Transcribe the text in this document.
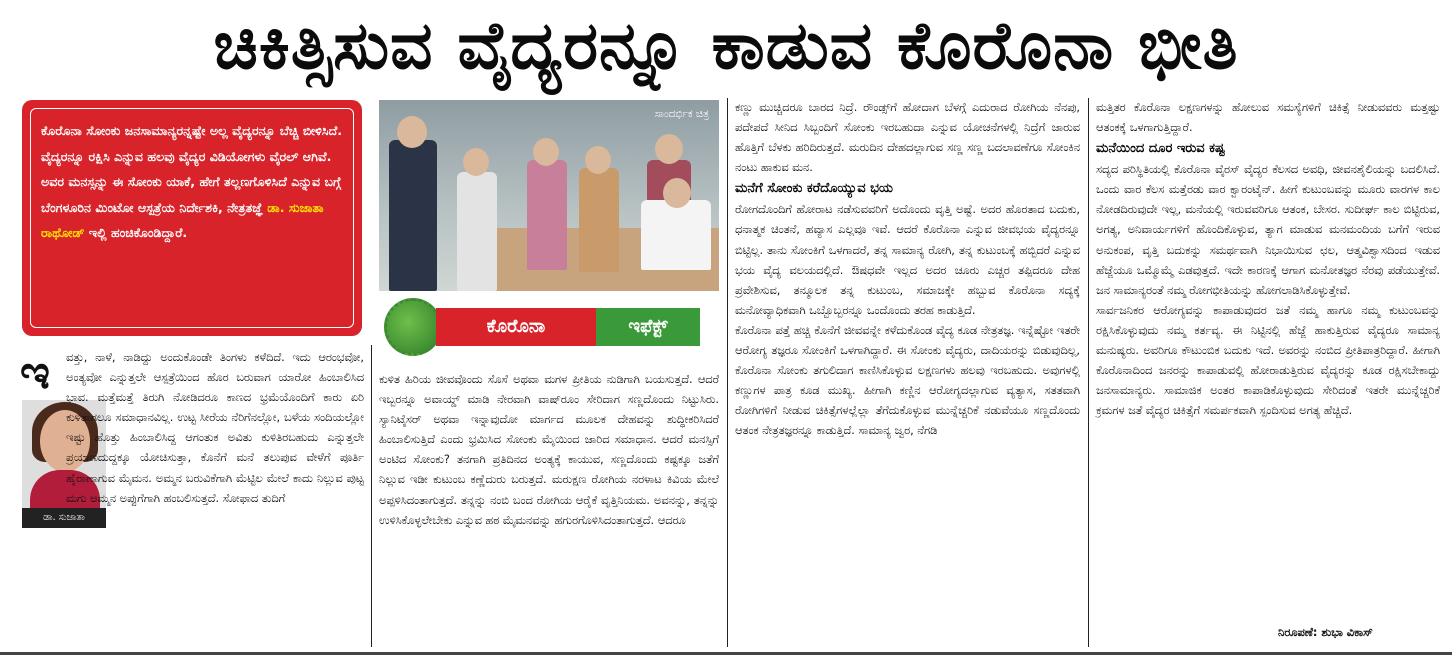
ಚಿಕಿತ್ಸಿಸುವ ವೈದ್ಯರನ್ನೂ ಕಾಡುವ ಕೊರೊನಾ ಭೀತಿ
ಕೊರೊನಾ ಸೋಂಕು ಜನಸಾಮಾನ್ಯರನ್ನಷ್ಟೇ ಅಲ್ಲ ವೈದ್ಯರನ್ನೂ ಬೆಚ್ಚಿ ಬೀಳಿಸಿದೆ. ವೈದ್ಯರನ್ನೂ ರಕ್ಷಿಸಿ ಎನ್ನುವ ಹಲವು ವೈದ್ಯರ ವಿಡಿಯೋಗಳು ವೈರಲ್ ಆಗಿವೆ. ಅವರ ಮನಸ್ಸನ್ನು ಈ ಸೋಂಕು ಯಾಕೆ, ಹೇಗೆ ತಲ್ಲಣಗೊಳಿಸಿದೆ ಎನ್ನುವ ಬಗ್ಗೆ ಬೆಂಗಳೂರಿನ ಮಿಂಟೋ ಆಸ್ಪತ್ರೆಯ ನಿರ್ದೇಶಕಿ, ನೇತ್ರತಜ್ಞೆ ಡಾ. ಸುಜಾತಾ ರಾಥೋಡ್ ಇಲ್ಲಿ ಹಂಚಿಕೊಂಡಿದ್ದಾರೆ.
ಸಾಂದರ್ಭಿಕ ಚಿತ್ರ
ಕೊರೊನಾ	ಇಫೆಕ್ಟ್
ಇ
ಡಾ. ಸುಜಾತಾ

ವತ್ತು, ನಾಳೆ, ನಾಡಿದ್ದು ಅಂದುಕೊಂಡೇ ತಿಂಗಳು ಕಳೆದಿದೆ. ಇದು ಆರಂಭವೋ, ಅಂತ್ಯವೋ ಎನ್ನುತ್ತಲೇ ಆಸ್ಪತ್ರೆಯಿಂದ ಹೊರ ಬರುವಾಗ ಯಾರೋ ಹಿಂಬಾಲಿಸಿದ ಭಾವ. ಮತ್ತೆಮತ್ತೆ ತಿರುಗಿ ನೋಡಿದರೂ ಕಾಣದ ಭ್ರಮೆಯೊಂದಿಗೆ ಕಾರು ಏರಿ ಕುಳಿತಾಗಲೂ ಸಮಾಧಾನವಿಲ್ಲ. ಉಟ್ಟ ಸೀರೆಯ ನೆರಿಗೆನಲ್ಲೋ, ಬಳೆಯ ಸಂದಿಯಲ್ಲೋ ಇಷ್ಟು ಹೊತ್ತು ಹಿಂಬಾಲಿಸಿದ್ದ ಆಗಂತುಕ ಅವಿತು ಕುಳಿತಿರಬಹುದು ಎನ್ನುತ್ತಲೇ ಪ್ರಯಾಣದುದ್ದಕ್ಕೂ ಯೋಚಿಸುತ್ತಾ, ಕೊನೆಗೆ ಮನೆ ತಲುಪುವ ವೇಳೆಗೆ ಪೂರ್ತಿ ಹೈರಾಣಾಗುವ ಮೈಮನ. ಅಮ್ಮನ ಬರುವಿಕೆಗಾಗಿ ಮೆಟ್ಟಿಲ ಮೇಲೆ ಕಾದು ನಿಲ್ಲುವ ಪುಟ್ಟ ಮಗು ಅಮ್ಮನ ಅಪ್ಪುಗೆಗಾಗಿ ಹಂಬಲಿಸುತ್ತದೆ. ಸೋಫಾದ ತುದಿಗೆ

ಕುಳಿತ ಹಿರಿಯ ಜೀವವೊಂದು ಸೊಸೆ ಅಥವಾ ಮಗಳ ಪ್ರೀತಿಯ ನುಡಿಗಾಗಿ ಬಯಸುತ್ತದೆ. ಆದರೆ ಇಬ್ಬರನ್ನೂ ಅವಾಯ್ಡ್ ಮಾಡಿ ನೇರವಾಗಿ ವಾಷ್‌ರೂಂ ಸೇರಿದಾಗ ಸಣ್ಣದೊಂದು ನಿಟ್ಟುಸಿರು. ಸ್ಯಾನಿಟೈಸರ್ ಅಥವಾ ಇನ್ನಾವುದೋ ಮಾರ್ಗದ ಮೂಲಕ ದೇಹವನ್ನು ಶುದ್ಧೀಕರಿಸಿದರೆ ಹಿಂಬಾಲಿಸುತ್ತಿದೆ ಎಂದು ಭ್ರಮಿಸಿದ ಸೋಂಕು ಮೈಯಿಂದ ಜಾರಿದ ಸಮಾಧಾನ. ಆದರೆ ಮನಸ್ಸಿಗೆ ಅಂಟಿದ ಸೋಂಕು? ತನಗಾಗಿ ಪ್ರತಿದಿನದ ಅಂತ್ಯಕ್ಕೆ ಕಾಯುವ, ಸಣ್ಣದೊಂದು ಕಷ್ಟಕ್ಕೂ ಜತೆಗೆ ನಿಲ್ಲುವ ಇಡೀ ಕುಟುಂಬ ಕಣ್ಣೆದುರು ಬರುತ್ತದೆ. ಮರುಕ್ಷಣ ರೋಗಿಯ ನರಳಾಟ ಕಿವಿಯ ಮೇಲೆ ಅಪ್ಪಳಿಸಿದಂತಾಗುತ್ತದೆ. ತನ್ನನ್ನು ನಂಬಿ ಬಂದ ರೋಗಿಯ ಆರೈಕೆ ವೃತ್ತಿನಿಯಮ. ಅವನನ್ನು, ತನ್ನನ್ನು ಉಳಿಸಿಕೊಳ್ಳಲೇಬೇಕು ಎನ್ನುವ ಹಠ ಮೈಮನವನ್ನು ಹಗುರಗೊಳಿಸಿದಂತಾಗುತ್ತದೆ. ಆದರೂ

ಕಣ್ಣು ಮುಚ್ಚಿದರೂ ಬಾರದ ನಿದ್ರೆ. ರೌಂಡ್ಸ್‌ಗೆ ಹೋದಾಗ ಬೆಳಗ್ಗೆ ಎದುರಾದ ರೋಗಿಯ ನೆನಪು, ಪದೇಪದೆ ಸೀನಿದ ಸಿಬ್ಬಂದಿಗೆ ಸೋಂಕು ಇರಬಹುದಾ ಎನ್ನುವ ಯೋಚನೆಗಳಲ್ಲಿ ನಿದ್ರೆಗೆ ಜಾರುವ ಹೊತ್ತಿಗೆ ಬೆಳಕು ಹರಿದಿರುತ್ತದೆ. ಮರುದಿನ ದೇಹದಲ್ಲಾಗುವ ಸಣ್ಣ ಸಣ್ಣ ಬದಲಾವಣೆಗೂ ಸೋಂಕಿನ ನಂಟು ಹಾಕುವ ಮನ.

ಮನೆಗೆ ಸೋಂಕು ಕರೆದೊಯ್ಯುವ ಭಯ

ರೋಗದೊಂದಿಗೆ ಹೋರಾಟ ನಡೆಸುವವರಿಗೆ ಅದೊಂದು ವೃತ್ತಿ ಅಷ್ಟೆ. ಅದರ ಹೊರತಾದ ಬದುಕು, ಧನಾತ್ಮಕ ಚಿಂತನೆ, ಹವ್ಯಾಸ ಎಲ್ಲವೂ ಇವೆ. ಆದರೆ ಕೊರೊನಾ ಎನ್ನುವ ಜೀವಭಯ ವೈದ್ಯರನ್ನೂ ಬಿಟ್ಟಿಲ್ಲ. ತಾನು ಸೋಂಕಿಗೆ ಒಳಗಾದರೆ, ತನ್ನ ಸಾಮಾನ್ಯ ರೋಗಿ, ತನ್ನ ಕುಟುಂಬಕ್ಕೆ ಹಬ್ಬಿದರೆ ಎನ್ನುವ ಭಯ ವೈದ್ಯ ವಲಯದಲ್ಲಿದೆ. ಔಷಧವೇ ಇಲ್ಲದ ಅದರ ಚೂರು ಎಚ್ಚರ ತಪ್ಪಿದರೂ ದೇಹ ಪ್ರವೇಶಿಸುವ, ತನ್ಮೂಲಕ ತನ್ನ ಕುಟುಂಬ, ಸಮಾಜಕ್ಕೇ ಹಬ್ಬುವ ಕೊರೊನಾ ಸದ್ಯಕ್ಕೆ ಮನೋವ್ಯಾಧಿಕವಾಗಿ ಒಬ್ಬೊಬ್ಬರನ್ನೂ ಒಂದೊಂದು ತರಹ ಕಾಡುತ್ತಿದೆ.

ಕೊರೊನಾ ಪತ್ತೆ ಹಚ್ಚಿ ಕೊನೆಗೆ ಜೀವವನ್ನೇ ಕಳೆದುಕೊಂಡ ವೈದ್ಯ ಕೂಡ ನೇತ್ರತಜ್ಞ. ಇನ್ನೆಷ್ಟೋ ಇತರೇ ಆರೋಗ್ಯ ತಜ್ಞರೂ ಸೋಂಕಿಗೆ ಒಳಗಾಗಿದ್ದಾರೆ. ಈ ಸೋಂಕು ವೈದ್ಯರು, ದಾದಿಯರನ್ನು ಬಿಡುವುದಿಲ್ಲ, ಕೊರೊನಾ ಸೋಂಕು ತಗುಲಿದಾಗ ಕಾಣಿಸಿಕೊಳ್ಳುವ ಲಕ್ಷಣಗಳು ಹಲವು ಇರಬಹುದು. ಅವುಗಳಲ್ಲಿ ಕಣ್ಣುಗಳ ಪಾತ್ರ ಕೂಡ ಮುಖ್ಯ. ಹೀಗಾಗಿ ಕಣ್ಣಿನ ಆರೋಗ್ಯದಲ್ಲಾಗುವ ವ್ಯತ್ಯಾಸ, ಸತತವಾಗಿ ರೋಗಿಗಳಿಗೆ ನೀಡುವ ಚಿಕಿತ್ಸೆಗಳಲ್ಲೆಲ್ಲಾ ತೆಗೆದುಕೊಳ್ಳುವ ಮುನ್ನೆಚ್ಚರಿಕೆ ನಡುವೆಯೂ ಸಣ್ಣದೊಂದು ಆತಂಕ ನೇತ್ರತಜ್ಞರನ್ನೂ ಕಾಡುತ್ತಿದೆ. ಸಾಮಾನ್ಯ ಜ್ವರ, ನೆಗಡಿ

ಮತ್ತಿತರ ಕೊರೊನಾ ಲಕ್ಷಣಗಳನ್ನು ಹೋಲುವ ಸಮಸ್ಯೆಗಳಿಗೆ ಚಿಕಿತ್ಸೆ ನೀಡುವವರು ಮತ್ತಷ್ಟು ಆತಂಕಕ್ಕೆ ಒಳಗಾಗುತ್ತಿದ್ದಾರೆ.

ಮನೆಯಿಂದ ದೂರ ಇರುವ ಕಷ್ಟ

ಸದ್ಯದ ಪರಿಸ್ಥಿತಿಯಲ್ಲಿ ಕೊರೊನಾ ವೈರಸ್ ವೈದ್ಯರ ಕೆಲಸದ ಅವಧಿ, ಜೀವನಶೈಲಿಯನ್ನು ಬದಲಿಸಿದೆ. ಒಂದು ವಾರ ಕೆಲಸ ಮತ್ತೆರಡು ವಾರ ಕ್ವಾರಂಟೈನ್. ಹೀಗೆ ಕುಟುಂಬವನ್ನು ಮೂರು ವಾರಗಳ ಕಾಲ ನೋಡದಿರುವುದೇ ಇಲ್ಲ, ಮನೆಯಲ್ಲಿ ಇರುವವರಿಗೂ ಆತಂಕ, ಬೇಸರ. ಸುದೀರ್ಘ ಕಾಲ ಬಿಟ್ಟಿರುವ, ಅಗತ್ಯ, ಅನಿವಾರ್ಯಗಳಿಗೆ ಹೊಂದಿಕೊಳ್ಳುವ, ತ್ಯಾಗ ಮಾಡುವ ಮನಮಂದಿಯ ಬಗೆಗೆ ಇರುವ ಅನುಕಂಪ, ವೃತ್ತಿ ಬದುಕನ್ನು ಸಮರ್ಥವಾಗಿ ನಿಭಾಯಿಸುವ ಛಲ, ಆತ್ಮವಿಶ್ವಾಸದಿಂದ ಇಡುವ ಹೆಜ್ಜೆಯೂ ಒಮ್ಮೊಮ್ಮೆ ಎಡವುತ್ತದೆ. ಇದೇ ಕಾರಣಕ್ಕೆ ಆಗಾಗ ಮನೋತಜ್ಞರ ನೆರವು ಪಡೆಯುತ್ತೇವೆ. ಜನ ಸಾಮಾನ್ಯರಂತೆ ನಮ್ಮ ರೋಗಭೀತಿಯನ್ನು ಹೋಗಲಾಡಿಸಿಕೊಳ್ಳುತ್ತೇವೆ.

ಸಾರ್ವಜನಿಕರ ಆರೋಗ್ಯವನ್ನು ಕಾಪಾಡುವುದರ ಜತೆ ನಮ್ಮ ಹಾಗೂ ನಮ್ಮ ಕುಟುಂಬವನ್ನು ರಕ್ಷಿಸಿಕೊಳ್ಳುವುದು ನಮ್ಮ ಕರ್ತವ್ಯ. ಈ ನಿಟ್ಟಿನಲ್ಲಿ ಹೆಜ್ಜೆ ಹಾಕುತ್ತಿರುವ ವೈದ್ಯರೂ ಸಾಮಾನ್ಯ ಮನುಷ್ಯರು. ಅವರಿಗೂ ಕೌಟುಂಬಿಕ ಬದುಕು ಇದೆ. ಅವರನ್ನು ನಂಬಿದ ಪ್ರೀತಿಪಾತ್ರರಿದ್ದಾರೆ. ಹೀಗಾಗಿ ಕೊರೊನಾದಿಂದ ಜನರನ್ನು ಕಾಪಾಡುವಲ್ಲಿ ಹೋರಾಡುತ್ತಿರುವ ವೈದ್ಯರನ್ನು ಕೂಡ ರಕ್ಷಿಸಬೇಕಾದ್ದು ಜನಸಾಮಾನ್ಯರು. ಸಾಮಾಜಿಕ ಅಂತರ ಕಾಪಾಡಿಕೊಳ್ಳುವುದು ಸೇರಿದಂತೆ ಇತರೇ ಮುನ್ನೆಚ್ಚರಿಕೆ ಕ್ರಮಗಳ ಜತೆ ವೈದ್ಯರ ಚಿಕಿತ್ಸೆಗೆ ಸಮರ್ಪಕವಾಗಿ ಸ್ಪಂದಿಸುವ ಅಗತ್ಯ ಹೆಚ್ಚಿದೆ.

ನಿರೂಪಣೆ: ಶುಭಾ ವಿಕಾಸ್
